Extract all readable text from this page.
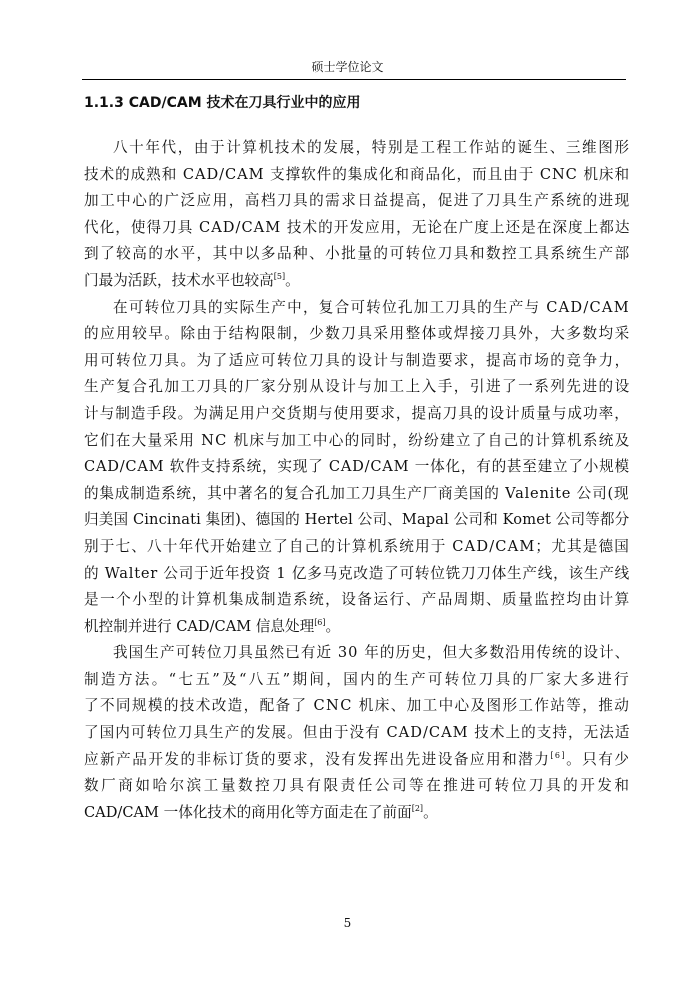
硕士学位论文
1.1.3 CAD/CAM 技术在刀具行业中的应用
八十年代，由于计算机技术的发展，特别是工程工作站的诞生、三维图形
技术的成熟和 CAD/CAM 支撑软件的集成化和商品化，而且由于 CNC 机床和
加工中心的广泛应用，高档刀具的需求日益提高，促进了刀具生产系统的进现
代化，使得刀具 CAD/CAM 技术的开发应用，无论在广度上还是在深度上都达
到了较高的水平，其中以多品种、小批量的可转位刀具和数控工具系统生产部
门最为活跃，技术水平也较高[5]。
在可转位刀具的实际生产中，复合可转位孔加工刀具的生产与 CAD/CAM
的应用较早。除由于结构限制，少数刀具采用整体或焊接刀具外，大多数均采
用可转位刀具。为了适应可转位刀具的设计与制造要求，提高市场的竞争力，
生产复合孔加工刀具的厂家分别从设计与加工上入手，引进了一系列先进的设
计与制造手段。为满足用户交货期与使用要求，提高刀具的设计质量与成功率，
它们在大量采用 NC 机床与加工中心的同时，纷纷建立了自己的计算机系统及
CAD/CAM 软件支持系统，实现了 CAD/CAM 一体化，有的甚至建立了小规模
的集成制造系统，其中著名的复合孔加工刀具生产厂商美国的 Valenite 公司(现
归美国 Cincinati 集团)、德国的 Hertel 公司、Mapal 公司和 Komet 公司等都分
别于七、八十年代开始建立了自己的计算机系统用于 CAD/CAM；尤其是德国
的 Walter 公司于近年投资 1 亿多马克改造了可转位铣刀刀体生产线，该生产线
是一个小型的计算机集成制造系统，设备运行、产品周期、质量监控均由计算
机控制并进行 CAD/CAM 信息处理[6]。
我国生产可转位刀具虽然已有近 30 年的历史，但大多数沿用传统的设计、
制造方法。“七五”及“八五”期间，国内的生产可转位刀具的厂家大多进行
了不同规模的技术改造，配备了 CNC 机床、加工中心及图形工作站等，推动
了国内可转位刀具生产的发展。但由于没有 CAD/CAM 技术上的支持，无法适
应新产品开发的非标订货的要求，没有发挥出先进设备应用和潜力[6]。只有少
数厂商如哈尔滨工量数控刀具有限责任公司等在推进可转位刀具的开发和
CAD/CAM 一体化技术的商用化等方面走在了前面[2]。
5
